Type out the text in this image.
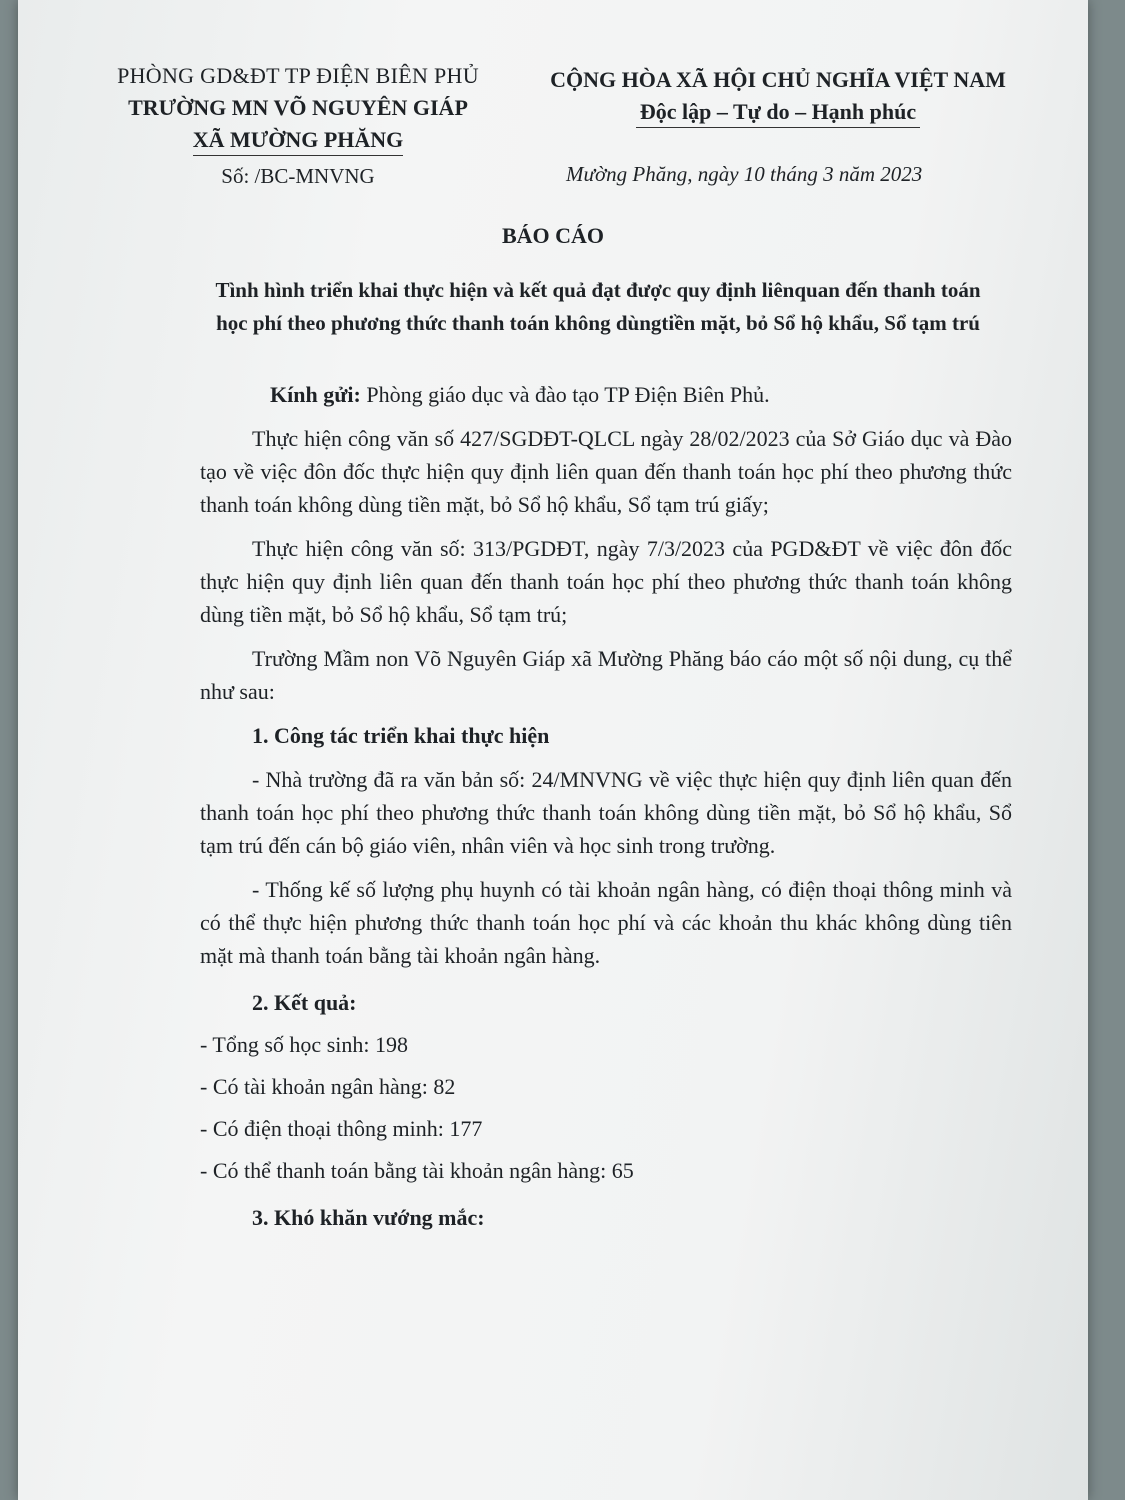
PHÒNG GD&ĐT TP ĐIỆN BIÊN PHỦ
TRƯỜNG MN VÕ NGUYÊN GIÁP
XÃ MƯỜNG PHĂNG
Số: /BC-MNVNG
CỘNG HÒA XÃ HỘI CHỦ NGHĨA VIỆT NAM
Độc lập – Tự do – Hạnh phúc
Mường Phăng, ngày 10 tháng 3 năm 2023
BÁO CÁO
Tình hình triển khai thực hiện và kết quả đạt được quy định liênquan đến thanh toán học phí theo phương thức thanh toán không dùngtiền mặt, bỏ Sổ hộ khẩu, Sổ tạm trú

Kính gửi: Phòng giáo dục và đào tạo TP Điện Biên Phủ.

Thực hiện công văn số 427/SGDĐT-QLCL ngày 28/02/2023 của Sở Giáo dục và Đào tạo về việc đôn đốc thực hiện quy định liên quan đến thanh toán học phí theo phương thức thanh toán không dùng tiền mặt, bỏ Sổ hộ khẩu, Sổ tạm trú giấy;

Thực hiện công văn số: 313/PGDĐT, ngày 7/3/2023 của PGD&ĐT về việc đôn đốc thực hiện quy định liên quan đến thanh toán học phí theo phương thức thanh toán không dùng tiền mặt, bỏ Sổ hộ khẩu, Sổ tạm trú;

Trường Mầm non Võ Nguyên Giáp xã Mường Phăng báo cáo một số nội dung, cụ thể như sau:

1. Công tác triển khai thực hiện

- Nhà trường đã ra văn bản số: 24/MNVNG về việc thực hiện quy định liên quan đến thanh toán học phí theo phương thức thanh toán không dùng tiền mặt, bỏ Sổ hộ khẩu, Sổ tạm trú đến cán bộ giáo viên, nhân viên và học sinh trong trường.

- Thống kế số lượng phụ huynh có tài khoản ngân hàng, có điện thoại thông minh và có thể thực hiện phương thức thanh toán học phí và các khoản thu khác không dùng tiên mặt mà thanh toán bằng tài khoản ngân hàng.

2. Kết quả:

- Tổng số học sinh: 198

- Có tài khoản ngân hàng: 82

- Có điện thoại thông minh: 177

- Có thể thanh toán bằng tài khoản ngân hàng: 65

3. Khó khăn vướng mắc:
